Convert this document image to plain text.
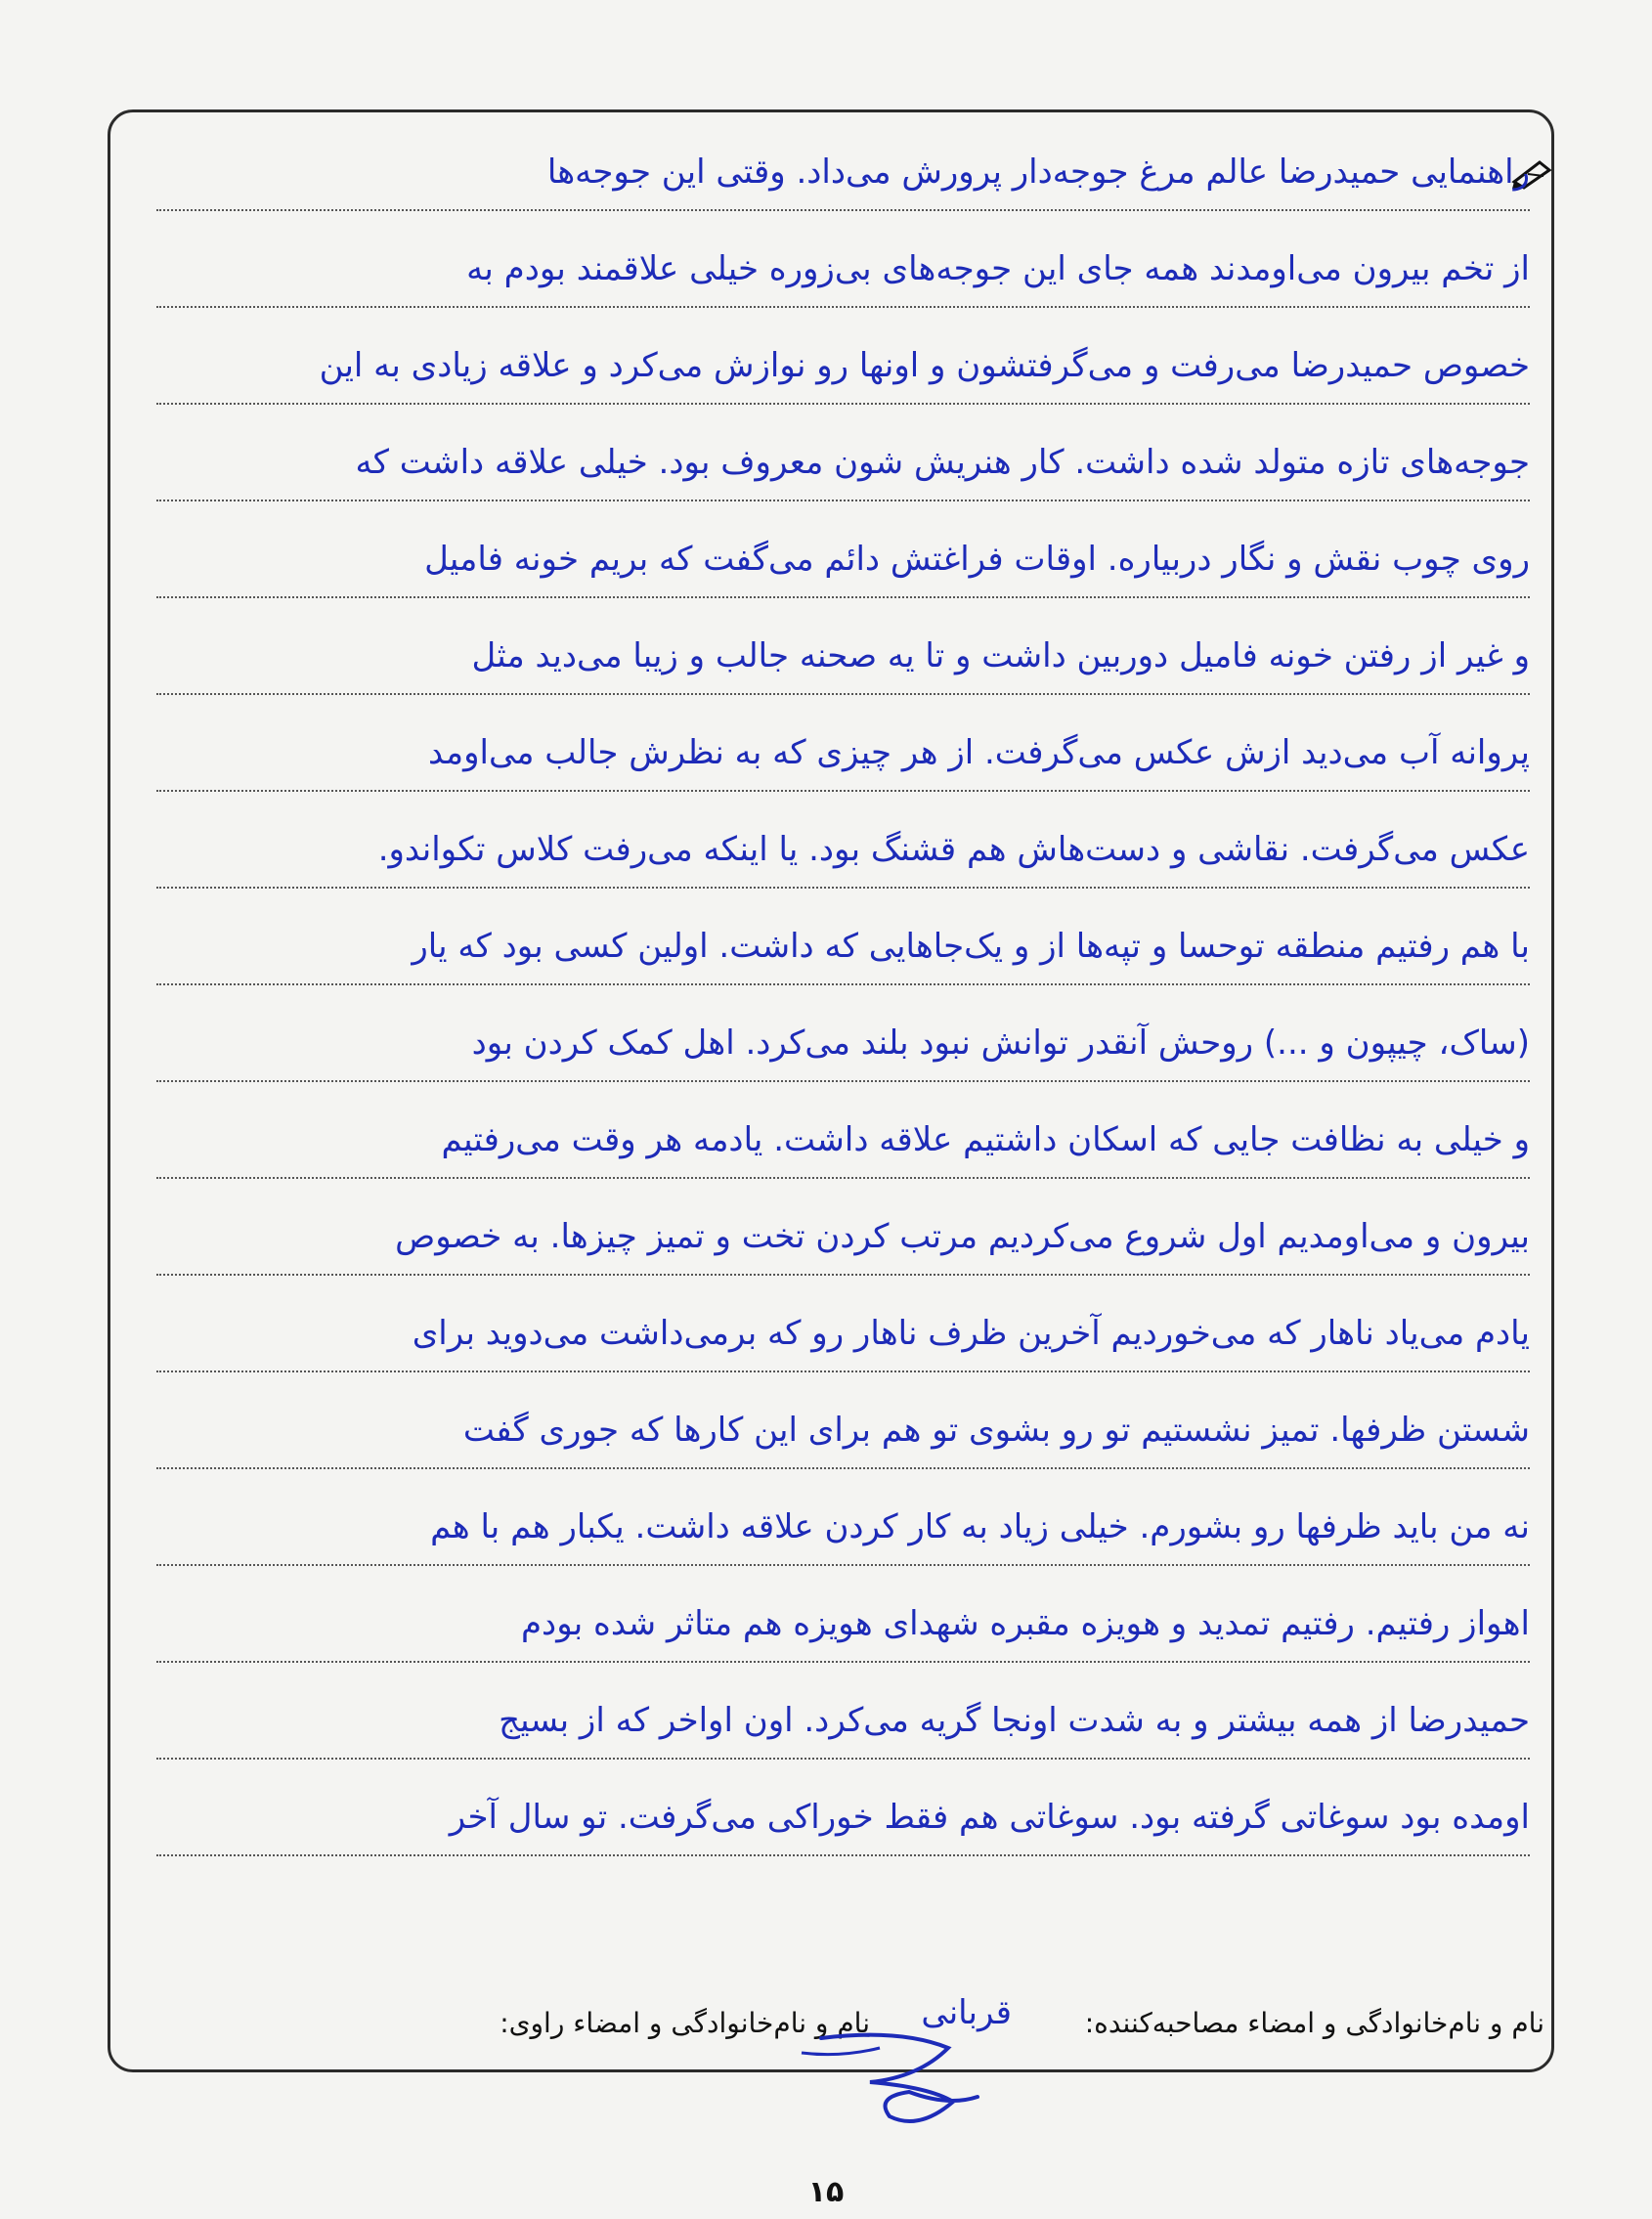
راهنمایی حمیدرضا عالم مرغ جوجه‌دار پرورش می‌داد. وقتی این جوجه‌ها
از تخم بیرون می‌اومدند همه جای این جوجه‌های بی‌زوره خیلی علاقمند بودم به
خصوص حمیدرضا می‌رفت و می‌گرفتشون و اونها رو نوازش می‌کرد و علاقه زیادی به این
جوجه‌های تازه متولد شده داشت. کار هنریش شون معروف بود. خیلی علاقه داشت که
روی چوب نقش و نگار دربیاره. اوقات فراغتش دائم می‌گفت که بریم خونه فامیل
و غیر از رفتن خونه فامیل دوربین داشت و تا یه صحنه جالب و زیبا می‌دید مثل
پروانه آب می‌دید ازش عکس می‌گرفت. از هر چیزی که به نظرش جالب می‌اومد
عکس می‌گرفت. نقاشی و دست‌هاش هم قشنگ بود. یا اینکه می‌رفت کلاس تکواندو.
با هم رفتیم منطقه توحسا و تپه‌ها از و یک‌جاهایی که داشت. اولین کسی بود که یار
(ساک، چیپون و ...) روحش آنقدر توانش نبود بلند می‌کرد. اهل کمک کردن بود
و خیلی به نظافت جایی که اسکان داشتیم علاقه داشت. یادمه هر وقت می‌رفتیم
بیرون و می‌اومدیم اول شروع می‌کردیم مرتب کردن تخت و تمیز چیزها. به خصوص
یادم می‌یاد ناهار که می‌خوردیم آخرین ظرف ناهار رو که برمی‌داشت می‌دوید برای
شستن ظرفها. تمیز نشستیم تو رو بشوی تو هم برای این کارها که جوری گفت
نه من باید ظرفها رو بشورم. خیلی زیاد به کار کردن علاقه داشت. یکبار هم با هم
اهواز رفتیم. رفتیم تمدید و هویزه مقبره شهدای هویزه هم متاثر شده بودم
حمیدرضا از همه بیشتر و به شدت اونجا گریه می‌کرد. اون اواخر که از بسیج
اومده بود سوغاتی گرفته بود. سوغاتی هم فقط خوراکی می‌گرفت. تو سال آخر
نام و نام‌خانوادگی و امضاء مصاحبه‌کننده:
قربانی
نام و نام‌خانوادگی و امضاء راوی:
۱۵
